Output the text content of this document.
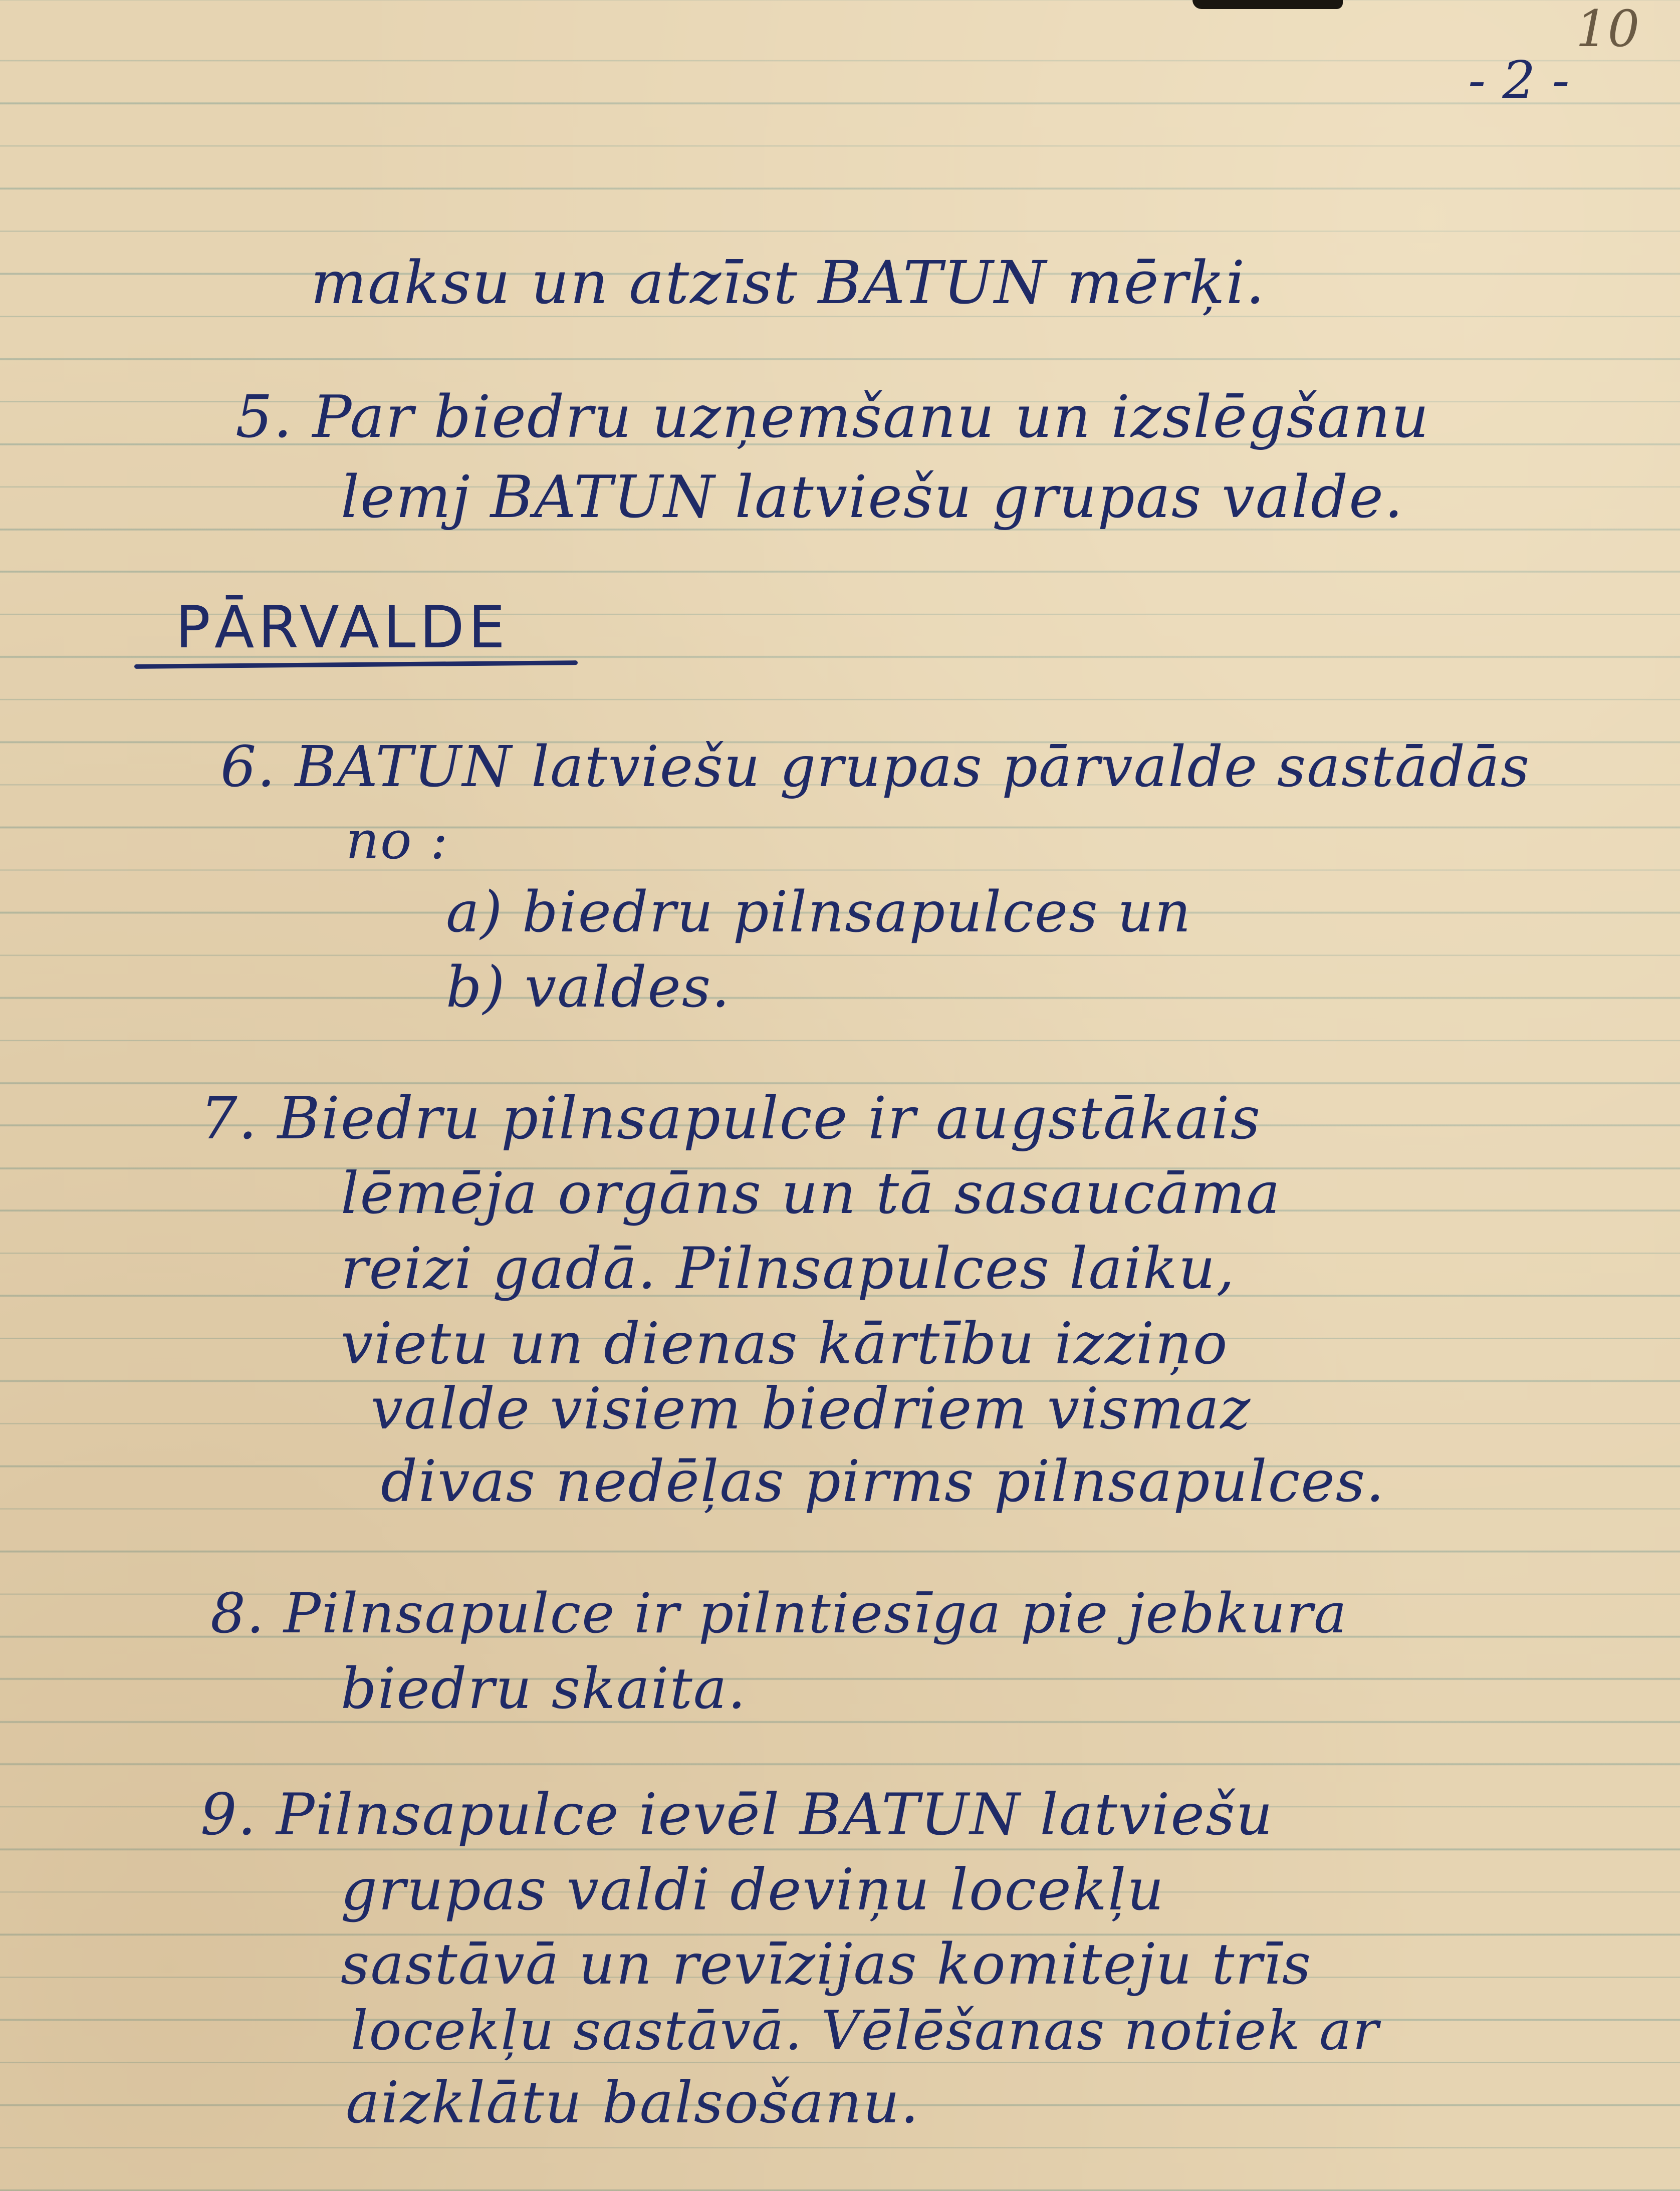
10
- 2 -
maksu un atzīst BATUN mērķi.
5. Par biedru uzņemšanu un izslēgšanu
lemj BATUN latviešu grupas valde.
PĀRVALDE
6. BATUN latviešu grupas pārvalde sastādās
no :
a) biedru pilnsapulces un
b) valdes.
7. Biedru pilnsapulce ir augstākais
lēmēja orgāns un tā sasaucāma
reizi gadā. Pilnsapulces laiku,
vietu un dienas kārtību izziņo
valde visiem biedriem vismaz
divas nedēļas pirms pilnsapulces.
8. Pilnsapulce ir pilntiesīga pie jebkura
biedru skaita.
9. Pilnsapulce ievēl BATUN latviešu
grupas valdi deviņu locekļu
sastāvā un revīzijas komiteju trīs
locekļu sastāvā. Vēlēšanas notiek ar
aizklātu balsošanu.
